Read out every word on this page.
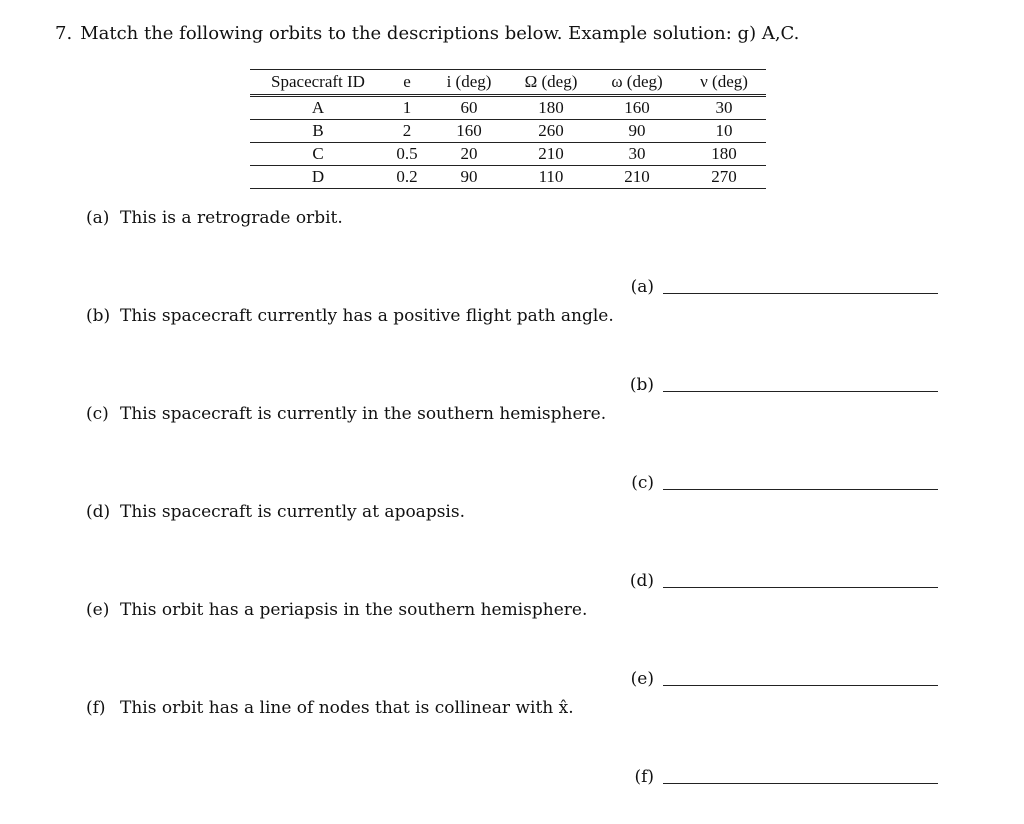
7. Match the following orbits to the descriptions below. Example solution: g) A,C.
Spacecraft ID	e	i (deg)	Ω (deg)	ω (deg)	ν (deg)
A	1	60	180	160	30
B	2	160	260	90	10
C	0.5	20	210	30	180
D	0.2	90	110	210	270
(a) This is a retrograde orbit.
(b) This spacecraft currently has a positive flight path angle.
(c) This spacecraft is currently in the southern hemisphere.
(d) This spacecraft is currently at apoapsis.
(e) This orbit has a periapsis in the southern hemisphere.
(f) This orbit has a line of nodes that is collinear with x̂.
(a)
(b)
(c)
(d)
(e)
(f)
